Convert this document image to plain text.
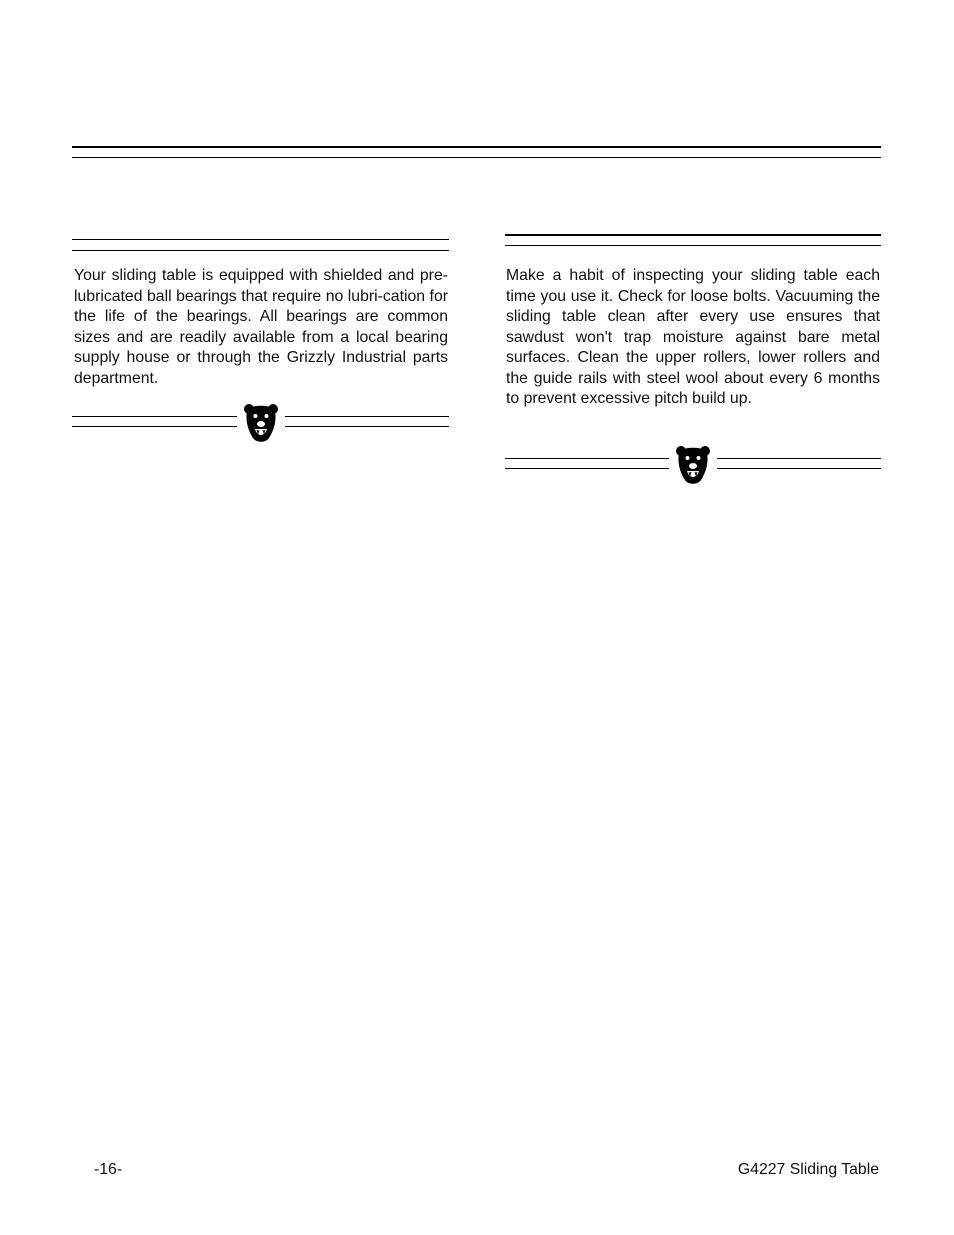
Your sliding table is equipped with shielded and pre-lubricated ball bearings that require no lubri-cation for the life of the bearings. All bearings are common sizes and are readily available from a local bearing supply house or through the Grizzly Industrial parts department.

Make a habit of inspecting your sliding table each time you use it. Check for loose bolts. Vacuuming the sliding table clean after every use ensures that sawdust won't trap moisture against bare metal surfaces. Clean the upper rollers, lower rollers and the guide rails with steel wool about every 6 months to prevent excessive pitch build up.

-16-	G4227 Sliding Table
